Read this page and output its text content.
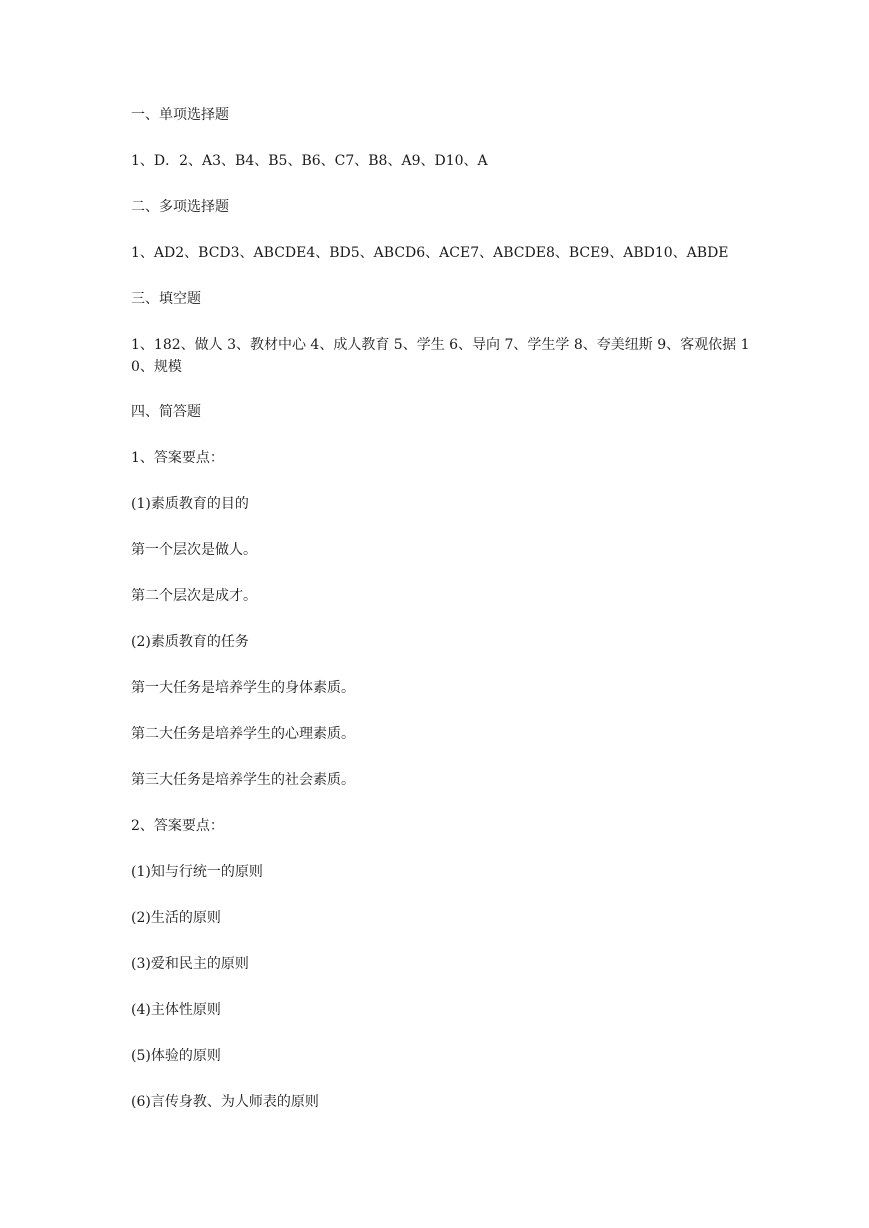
一、单项选择题

1、D．2、A3、B4、B5、B6、C7、B8、A9、D10、A

二、多项选择题

1、AD2、BCD3、ABCDE4、BD5、ABCD6、ACE7、ABCDE8、BCE9、ABD10、ABDE

三、填空题

1、182、做人 3、教材中心 4、成人教育 5、学生 6、导向 7、学生学 8、夸美纽斯 9、客观依据 10、规模

四、简答题

1、答案要点：

(1)素质教育的目的

第一个层次是做人。

第二个层次是成才。

(2)素质教育的任务

第一大任务是培养学生的身体素质。

第二大任务是培养学生的心理素质。

第三大任务是培养学生的社会素质。

2、答案要点：

(1)知与行统一的原则

(2)生活的原则

(3)爱和民主的原则

(4)主体性原则

(5)体验的原则

(6)言传身教、为人师表的原则
